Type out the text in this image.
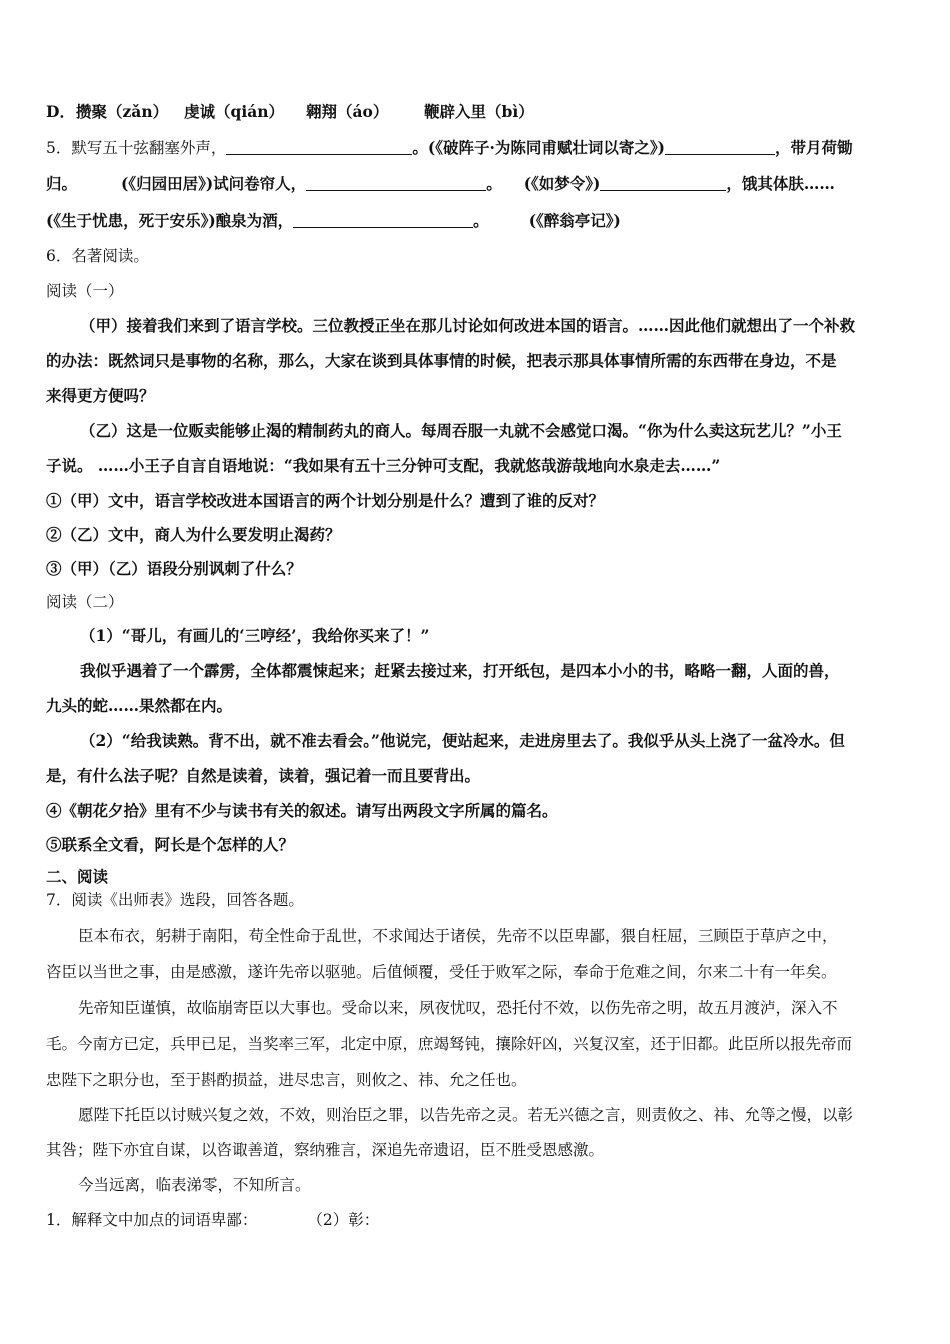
D． 攒聚（zǎn） 虔诚（qián） 翱翔（áo） 鞭辟入里（bì）
5．默写五十弦翻塞外声，	。(《破阵子·为陈同甫赋壮词以寄之》)	，带月荷锄
归。	(《归园田居》)试问卷帘人，	。 (《如梦令》)	，饿其体肤……
(《生于忧患，死于安乐》)酿泉为酒，	。	(《醉翁亭记》)
6．名著阅读。
阅读（一）
（甲）接着我们来到了语言学校。三位教授正坐在那儿讨论如何改进本国的语言。……因此他们就想出了一个补救
的办法：既然词只是事物的名称，那么，大家在谈到具体事情的时候，把表示那具体事情所需的东西带在身边，不是
来得更方便吗？
（乙）这是一位贩卖能够止渴的精制药丸的商人。每周吞服一丸就不会感觉口渴。“你为什么卖这玩艺儿？”小王
子说。 ……小王子自言自语地说：“我如果有五十三分钟可支配，我就悠哉游哉地向水泉走去……”
①（甲）文中，语言学校改进本国语言的两个计划分别是什么？遭到了谁的反对？
②（乙）文中，商人为什么要发明止渴药？
③（甲）（乙）语段分别讽刺了什么？
阅读（二）
（1）“哥儿，有画儿的‘三哼经’，我给你买来了！”
我似乎遇着了一个霹雳，全体都震悚起来；赶紧去接过来，打开纸包，是四本小小的书，略略一翻，人面的兽，
九头的蛇……果然都在内。
（2）“给我读熟。背不出，就不准去看会。”他说完，便站起来，走进房里去了。我似乎从头上浇了一盆冷水。但
是，有什么法子呢？自然是读着，读着，强记着一而且要背出。
④《朝花夕拾》里有不少与读书有关的叙述。请写出两段文字所属的篇名。
⑤联系全文看，阿长是个怎样的人？
二、阅读
7．阅读《出师表》选段，回答各题。
臣本布衣，躬耕于南阳，苟全性命于乱世，不求闻达于诸侯，先帝不以臣卑鄙，猥自枉屈，三顾臣于草庐之中，
咨臣以当世之事，由是感激，遂许先帝以驱驰。后值倾覆，受任于败军之际，奉命于危难之间，尔来二十有一年矣。
先帝知臣谨慎，故临崩寄臣以大事也。受命以来，夙夜忧叹，恐托付不效，以伤先帝之明，故五月渡泸，深入不
毛。今南方已定，兵甲已足，当奖率三军，北定中原，庶竭驽钝，攘除奸凶，兴复汉室，还于旧都。此臣所以报先帝而
忠陛下之职分也，至于斟酌损益，进尽忠言，则攸之、祎、允之任也。
愿陛下托臣以讨贼兴复之效，不效，则治臣之罪，以告先帝之灵。若无兴德之言，则责攸之、祎、允等之慢，以彰
其咎；陛下亦宜自谋，以咨诹善道，察纳雅言，深追先帝遗诏，臣不胜受恩感激。
今当远离，临表涕零，不知所言。
1．解释文中加点的词语卑鄙：	（2）彰：
